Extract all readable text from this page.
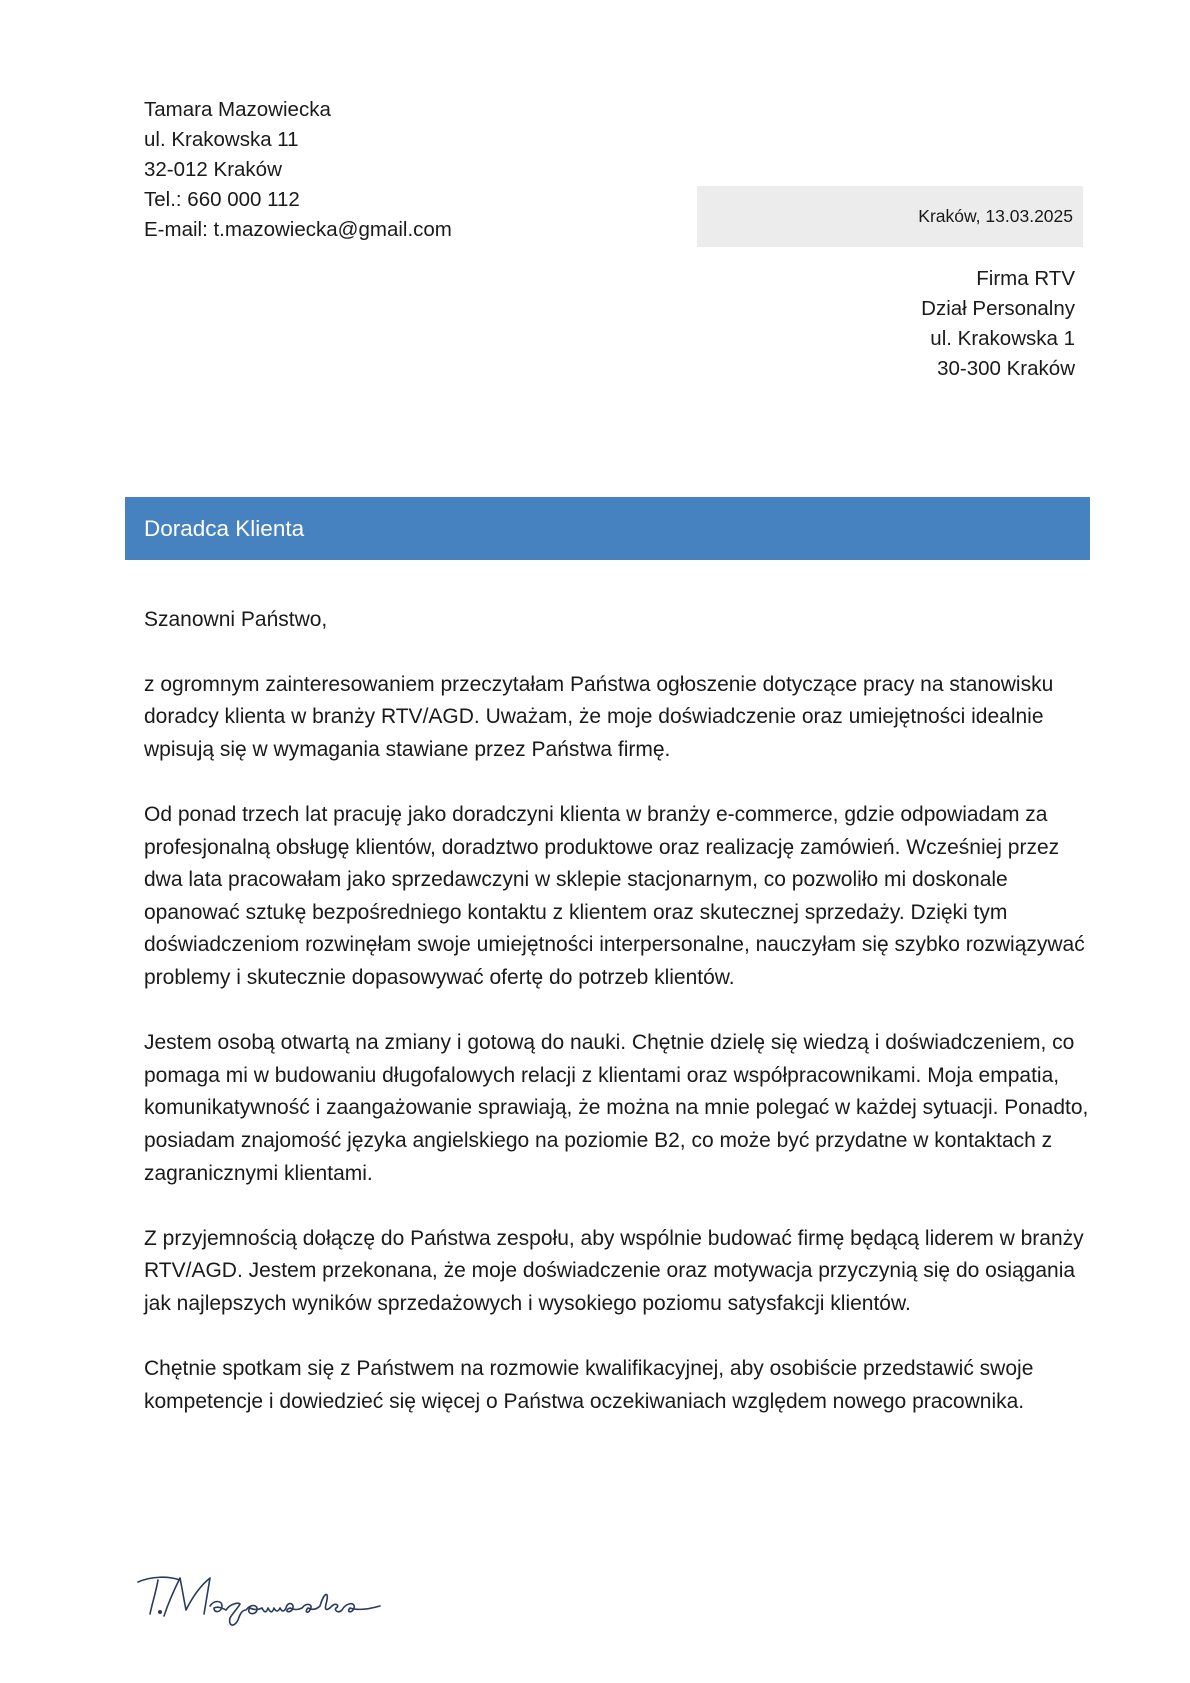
Tamara Mazowiecka
ul. Krakowska 11
32-012 Kraków
Tel.: 660 000 112
E-mail: t.mazowiecka@gmail.com
Kraków, 13.03.2025
Firma RTV
Dział Personalny
ul. Krakowska 1
30-300 Kraków
Doradca Klienta

Szanowni Państwo,

z ogromnym zainteresowaniem przeczytałam Państwa ogłoszenie dotyczące pracy na stanowisku doradcy klienta w branży RTV/AGD. Uważam, że moje doświadczenie oraz umiejętności idealnie wpisują się w wymagania stawiane przez Państwa firmę.

Od ponad trzech lat pracuję jako doradczyni klienta w branży e-commerce, gdzie odpowiadam za profesjonalną obsługę klientów, doradztwo produktowe oraz realizację zamówień. Wcześniej przez dwa lata pracowałam jako sprzedawczyni w sklepie stacjonarnym, co pozwoliło mi doskonale opanować sztukę bezpośredniego kontaktu z klientem oraz skutecznej sprzedaży. Dzięki tym doświadczeniom rozwinęłam swoje umiejętności interpersonalne, nauczyłam się szybko rozwiązywać problemy i skutecznie dopasowywać ofertę do potrzeb klientów.

Jestem osobą otwartą na zmiany i gotową do nauki. Chętnie dzielę się wiedzą i doświadczeniem, co pomaga mi w budowaniu długofalowych relacji z klientami oraz współpracownikami. Moja empatia, komunikatywność i zaangażowanie sprawiają, że można na mnie polegać w każdej sytuacji. Ponadto, posiadam znajomość języka angielskiego na poziomie B2, co może być przydatne w kontaktach z zagranicznymi klientami.

Z przyjemnością dołączę do Państwa zespołu, aby wspólnie budować firmę będącą liderem w branży RTV/AGD. Jestem przekonana, że moje doświadczenie oraz motywacja przyczynią się do osiągania jak najlepszych wyników sprzedażowych i wysokiego poziomu satysfakcji klientów.

Chętnie spotkam się z Państwem na rozmowie kwalifikacyjnej, aby osobiście przedstawić swoje kompetencje i dowiedzieć się więcej o Państwa oczekiwaniach względem nowego pracownika.
